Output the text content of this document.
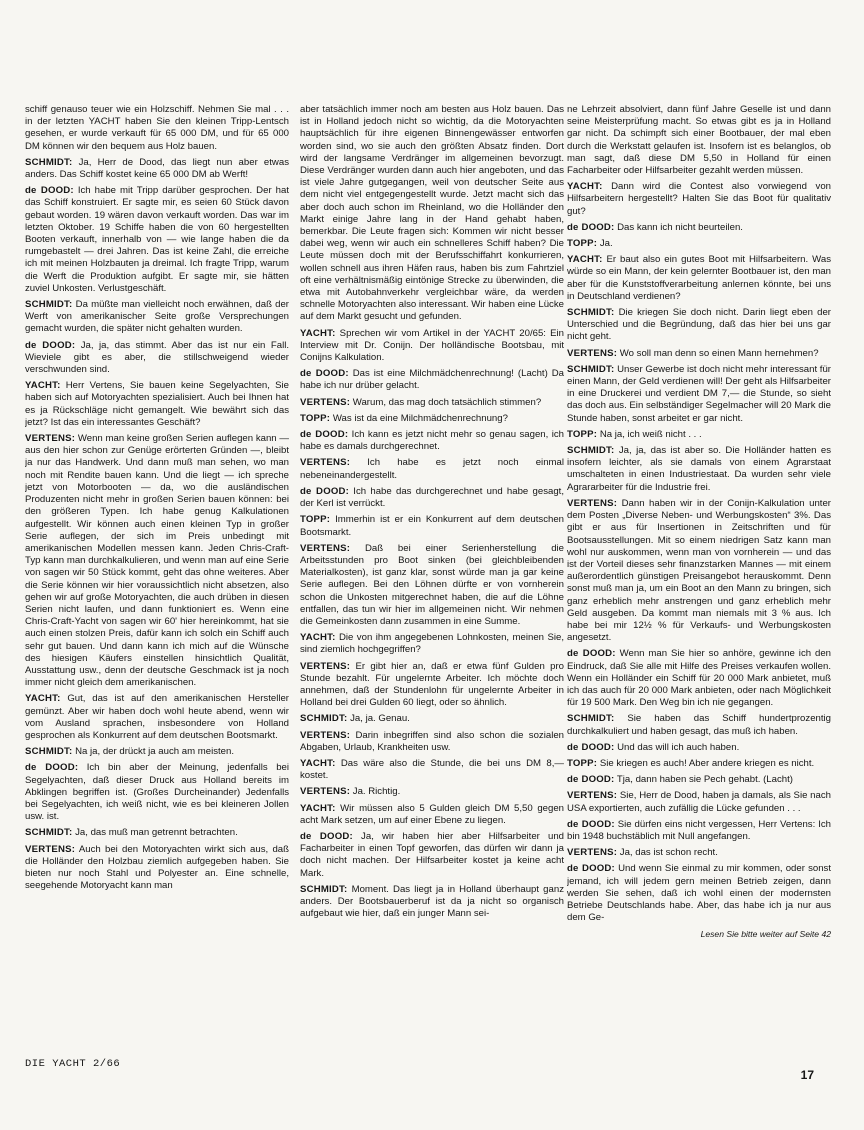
schiff genauso teuer wie ein Holzschiff. Nehmen Sie mal . . . in der letzten YACHT haben Sie den kleinen Tripp-Lentsch gesehen, er wurde verkauft für 65 000 DM, und für 65 000 DM können wir den bequem aus Holz bauen.

SCHMIDT: Ja, Herr de Dood, das liegt nun aber etwas anders. Das Schiff kostet keine 65 000 DM ab Werft!

de DOOD: Ich habe mit Tripp darüber gesprochen. Der hat das Schiff konstruiert. Er sagte mir, es seien 60 Stück davon gebaut worden. 19 wären davon verkauft worden. Das war im letzten Oktober. 19 Schiffe haben die von 60 hergestellten Booten verkauft, innerhalb von — wie lange haben die da rumgebastelt — drei Jahren. Das ist keine Zahl, die erreiche ich mit meinen Holzbauten ja dreimal. Ich fragte Tripp, warum die Werft die Produktion aufgibt. Er sagte mir, sie hätten zuviel Unkosten. Verlustgeschäft.

SCHMIDT: Da müßte man vielleicht noch erwähnen, daß der Werft von amerikanischer Seite große Versprechungen gemacht wurden, die später nicht gehalten wurden.

de DOOD: Ja, ja, das stimmt. Aber das ist nur ein Fall. Wieviele gibt es aber, die stillschweigend wieder verschwunden sind.

YACHT: Herr Vertens, Sie bauen keine Segelyachten, Sie haben sich auf Motoryachten spezialisiert. Auch bei Ihnen hat es ja Rückschläge nicht gemangelt. Wie bewährt sich das jetzt? Ist das ein interessantes Geschäft?

VERTENS: Wenn man keine großen Serien auflegen kann — aus den hier schon zur Genüge erörterten Gründen —, bleibt ja nur das Handwerk. Und dann muß man sehen, wo man noch mit Rendite bauen kann. Und die liegt — ich spreche jetzt von Motorbooten — da, wo die ausländischen Produzenten nicht mehr in großen Serien bauen können: bei den größeren Typen. Ich habe genug Kalkulationen aufgestellt. Wir können auch einen kleinen Typ in großer Serie auflegen, der sich im Preis unbedingt mit amerikanischen Modellen messen kann. Jeden Chris-Craft-Typ kann man durchkalkulieren, und wenn man auf eine Serie von sagen wir 50 Stück kommt, geht das ohne weiteres. Aber die Serie können wir hier voraussichtlich nicht absetzen, also gehen wir auf große Motoryachten, die auch drüben in diesen Serien nicht laufen, und dann funktioniert es. Wenn eine Chris-Craft-Yacht von sagen wir 60' hier hereinkommt, hat sie auch einen stolzen Preis, dafür kann ich solch ein Schiff auch sehr gut bauen. Und dann kann ich mich auf die Wünsche des hiesigen Käufers einstellen hinsichtlich Qualität, Ausstattung usw., denn der deutsche Geschmack ist ja noch immer nicht gleich dem amerikanischen.

YACHT: Gut, das ist auf den amerikanischen Hersteller gemünzt. Aber wir haben doch wohl heute abend, wenn wir vom Ausland sprachen, insbesondere von Holland gesprochen als Konkurrent auf dem deutschen Bootsmarkt.

SCHMIDT: Na ja, der drückt ja auch am meisten.

de DOOD: Ich bin aber der Meinung, jedenfalls bei Segelyachten, daß dieser Druck aus Holland bereits im Abklingen begriffen ist. (Großes Durcheinander) Jedenfalls bei Segelyachten, ich weiß nicht, wie es bei kleineren Jollen usw. ist.

SCHMIDT: Ja, das muß man getrennt betrachten.

VERTENS: Auch bei den Motoryachten wirkt sich aus, daß die Holländer den Holzbau ziemlich aufgegeben haben. Sie bieten nur noch Stahl und Polyester an. Eine schnelle, seegehende Motoryacht kann man

aber tatsächlich immer noch am besten aus Holz bauen. Das ist in Holland jedoch nicht so wichtig, da die Motoryachten hauptsächlich für ihre eigenen Binnengewässer entworfen worden sind, wo sie auch den größten Absatz finden. Dort wird der langsame Verdränger im allgemeinen bevorzugt. Diese Verdränger wurden dann auch hier angeboten, und das ist viele Jahre gutgegangen, weil von deutscher Seite aus dem nicht viel entgegengestellt wurde. Jetzt macht sich das aber doch auch schon im Rheinland, wo die Holländer den Markt einige Jahre lang in der Hand gehabt haben, bemerkbar. Die Leute fragen sich: Kommen wir nicht besser dabei weg, wenn wir auch ein schnelleres Schiff haben? Die Leute müssen doch mit der Berufsschiffahrt konkurrieren, wollen schnell aus ihren Häfen raus, haben bis zum Fahrtziel oft eine verhältnismäßig eintönige Strecke zu überwinden, die etwa mit Autobahnverkehr vergleichbar wäre, da werden schnelle Motoryachten also interessant. Wir haben eine Lücke auf dem Markt gesucht und gefunden.

YACHT: Sprechen wir vom Artikel in der YACHT 20/65: Ein Interview mit Dr. Conijn. Der holländische Bootsbau, mit Conijns Kalkulation.

de DOOD: Das ist eine Milchmädchenrechnung! (Lacht) Da habe ich nur drüber gelacht.

VERTENS: Warum, das mag doch tatsächlich stimmen?

TOPP: Was ist da eine Milchmädchenrechnung?

de DOOD: Ich kann es jetzt nicht mehr so genau sagen, ich habe es damals durchgerechnet.

VERTENS: Ich habe es jetzt noch einmal nebeneinandergestellt.

de DOOD: Ich habe das durchgerechnet und habe gesagt, der Kerl ist verrückt.

TOPP: Immerhin ist er ein Konkurrent auf dem deutschen Bootsmarkt.

VERTENS: Daß bei einer Serienherstellung die Arbeitsstunden pro Boot sinken (bei gleichbleibenden Materialkosten), ist ganz klar, sonst würde man ja gar keine Serie auflegen. Bei den Löhnen dürfte er von vornherein schon die Unkosten mitgerechnet haben, die auf die Löhne entfallen, das tun wir hier im allgemeinen nicht. Wir nehmen die Gemeinkosten dann zusammen in eine Summe.

YACHT: Die von ihm angegebenen Lohnkosten, meinen Sie, sind ziemlich hochgegriffen?

VERTENS: Er gibt hier an, daß er etwa fünf Gulden pro Stunde bezahlt. Für ungelernte Arbeiter. Ich möchte doch annehmen, daß der Stundenlohn für ungelernte Arbeiter in Holland bei drei Gulden 60 liegt, oder so ähnlich.

SCHMIDT: Ja, ja. Genau.

VERTENS: Darin inbegriffen sind also schon die sozialen Abgaben, Urlaub, Krankheiten usw.

YACHT: Das wäre also die Stunde, die bei uns DM 8,— kostet.

VERTENS: Ja. Richtig.

YACHT: Wir müssen also 5 Gulden gleich DM 5,50 gegen acht Mark setzen, um auf einer Ebene zu liegen.

de DOOD: Ja, wir haben hier aber Hilfsarbeiter und Facharbeiter in einen Topf geworfen, das dürfen wir dann ja doch nicht machen. Der Hilfsarbeiter kostet ja keine acht Mark.

SCHMIDT: Moment. Das liegt ja in Holland überhaupt ganz anders. Der Bootsbauerberuf ist da ja nicht so organisch aufgebaut wie hier, daß ein junger Mann sei-

ne Lehrzeit absolviert, dann fünf Jahre Geselle ist und dann seine Meisterprüfung macht. So etwas gibt es ja in Holland gar nicht. Da schimpft sich einer Bootbauer, der mal eben durch die Werkstatt gelaufen ist. Insofern ist es belanglos, ob man sagt, daß diese DM 5,50 in Holland für einen Facharbeiter oder Hilfsarbeiter gezahlt werden müssen.

YACHT: Dann wird die Contest also vorwiegend von Hilfsarbeitern hergestellt? Halten Sie das Boot für qualitativ gut?

de DOOD: Das kann ich nicht beurteilen.

TOPP: Ja.

YACHT: Er baut also ein gutes Boot mit Hilfsarbeitern. Was würde so ein Mann, der kein gelernter Bootbauer ist, den man aber für die Kunststoffverarbeitung anlernen könnte, bei uns in Deutschland verdienen?

SCHMIDT: Die kriegen Sie doch nicht. Darin liegt eben der Unterschied und die Begründung, daß das hier bei uns gar nicht geht.

VERTENS: Wo soll man denn so einen Mann hernehmen?

SCHMIDT: Unser Gewerbe ist doch nicht mehr interessant für einen Mann, der Geld verdienen will! Der geht als Hilfsarbeiter in eine Druckerei und verdient DM 7,— die Stunde, so sieht das doch aus. Ein selbständiger Segelmacher will 20 Mark die Stunde haben, sonst arbeitet er gar nicht.

TOPP: Na ja, ich weiß nicht . . .

SCHMIDT: Ja, ja, das ist aber so. Die Holländer hatten es insofern leichter, als sie damals von einem Agrarstaat umschalteten in einen Industriestaat. Da wurden sehr viele Agrararbeiter für die Industrie frei.

VERTENS: Dann haben wir in der Conijn-Kalkulation unter dem Posten „Diverse Neben- und Werbungskosten“ 3%. Das gibt er aus für Insertionen in Zeitschriften und für Bootsausstellungen. Mit so einem niedrigen Satz kann man wohl nur auskommen, wenn man von vornherein — und das ist der Vorteil dieses sehr finanzstarken Mannes — mit einem außerordentlich günstigen Preisangebot herauskommt. Denn sonst muß man ja, um ein Boot an den Mann zu bringen, sich ganz erheblich mehr anstrengen und ganz erheblich mehr Geld ausgeben. Da kommt man niemals mit 3 % aus. Ich habe bei mir 12½ % für Verkaufs- und Werbungskosten angesetzt.

de DOOD: Wenn man Sie hier so anhöre, gewinne ich den Eindruck, daß Sie alle mit Hilfe des Preises verkaufen wollen. Wenn ein Holländer ein Schiff für 20 000 Mark anbietet, muß ich das auch für 20 000 Mark anbieten, oder nach Möglichkeit für 19 500 Mark. Den Weg bin ich nie gegangen.

SCHMIDT: Sie haben das Schiff hundertprozentig durchkalkuliert und haben gesagt, das muß ich haben.

de DOOD: Und das will ich auch haben.

TOPP: Sie kriegen es auch! Aber andere kriegen es nicht.

de DOOD: Tja, dann haben sie Pech gehabt. (Lacht)

VERTENS: Sie, Herr de Dood, haben ja damals, als Sie nach USA exportierten, auch zufällig die Lücke gefunden . . .

de DOOD: Sie dürfen eins nicht vergessen, Herr Vertens: Ich bin 1948 buchstäblich mit Null angefangen.

VERTENS: Ja, das ist schon recht.

de DOOD: Und wenn Sie einmal zu mir kommen, oder sonst jemand, ich will jedem gern meinen Betrieb zeigen, dann werden Sie sehen, daß ich wohl einen der modernsten Betriebe Deutschlands habe. Aber, das habe ich ja nur aus dem Ge-

Lesen Sie bitte weiter auf Seite 42

DIE YACHT 2/66
17
